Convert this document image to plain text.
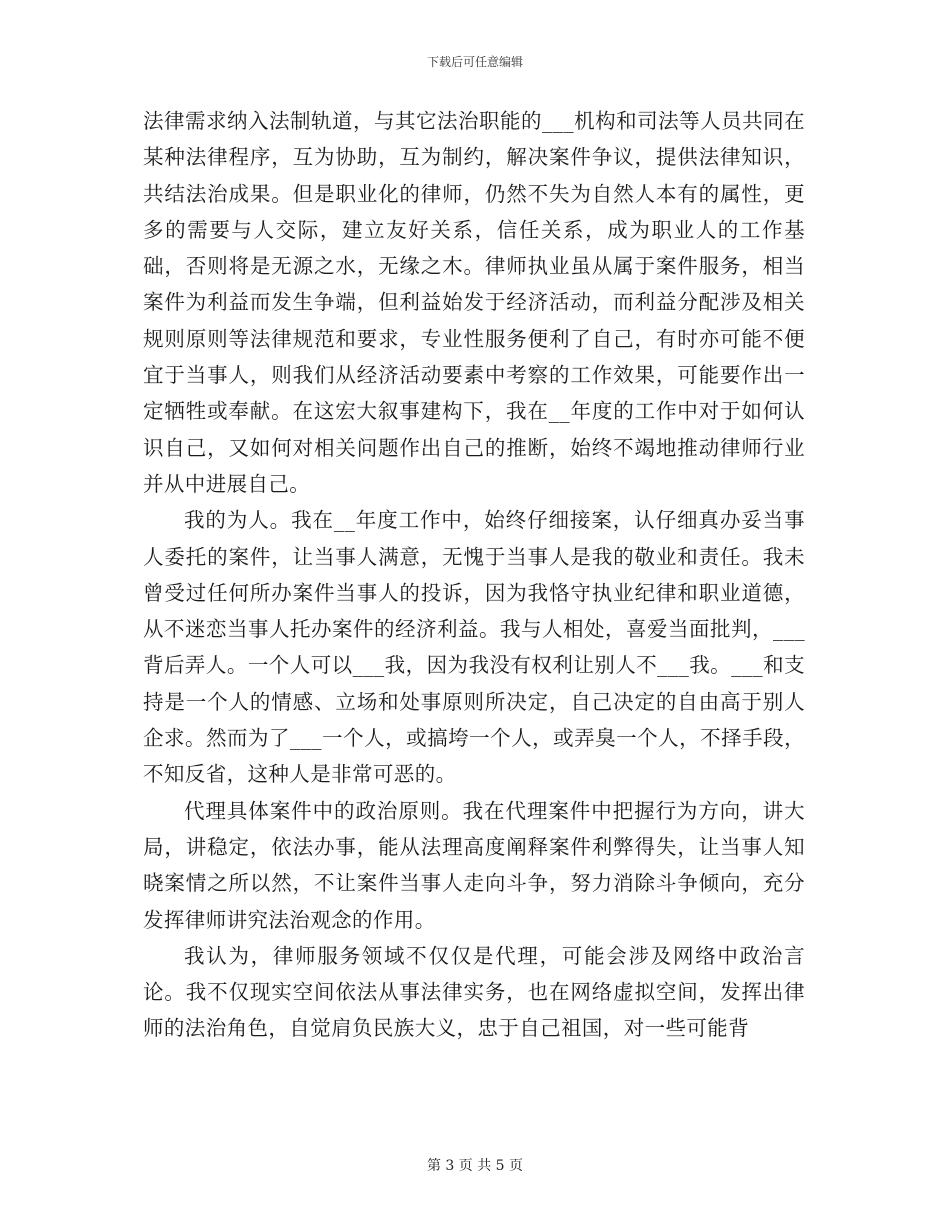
下载后可任意编辑

法律需求纳入法制轨道，与其它法治职能的___机构和司法等人员共同在某种法律程序，互为协助，互为制约，解决案件争议，提供法律知识，共结法治成果。但是职业化的律师，仍然不失为自然人本有的属性，更多的需要与人交际，建立友好关系，信任关系，成为职业人的工作基础，否则将是无源之水，无缘之木。律师执业虽从属于案件服务，相当案件为利益而发生争端，但利益始发于经济活动，而利益分配涉及相关规则原则等法律规范和要求，专业性服务便利了自己，有时亦可能不便宜于当事人，则我们从经济活动要素中考察的工作效果，可能要作出一定牺牲或奉献。在这宏大叙事建构下，我在__年度的工作中对于如何认识自己，又如何对相关问题作出自己的推断，始终不竭地推动律师行业并从中进展自己。

我的为人。我在__年度工作中，始终仔细接案，认仔细真办妥当事人委托的案件，让当事人满意，无愧于当事人是我的敬业和责任。我未曾受过任何所办案件当事人的投诉，因为我恪守执业纪律和职业道德，从不迷恋当事人托办案件的经济利益。我与人相处，喜爱当面批判，___背后弄人。一个人可以___我，因为我没有权利让别人不___我。___和支持是一个人的情感、立场和处事原则所决定，自己决定的自由高于别人企求。然而为了___一个人，或搞垮一个人，或弄臭一个人，不择手段，不知反省，这种人是非常可恶的。

代理具体案件中的政治原则。我在代理案件中把握行为方向，讲大局，讲稳定，依法办事，能从法理高度阐释案件利弊得失，让当事人知晓案情之所以然，不让案件当事人走向斗争，努力消除斗争倾向，充分发挥律师讲究法治观念的作用。

我认为，律师服务领域不仅仅是代理，可能会涉及网络中政治言论。我不仅现实空间依法从事法律实务，也在网络虚拟空间，发挥出律师的法治角色，自觉肩负民族大义，忠于自己祖国，对一些可能背

第 3 页 共 5 页
